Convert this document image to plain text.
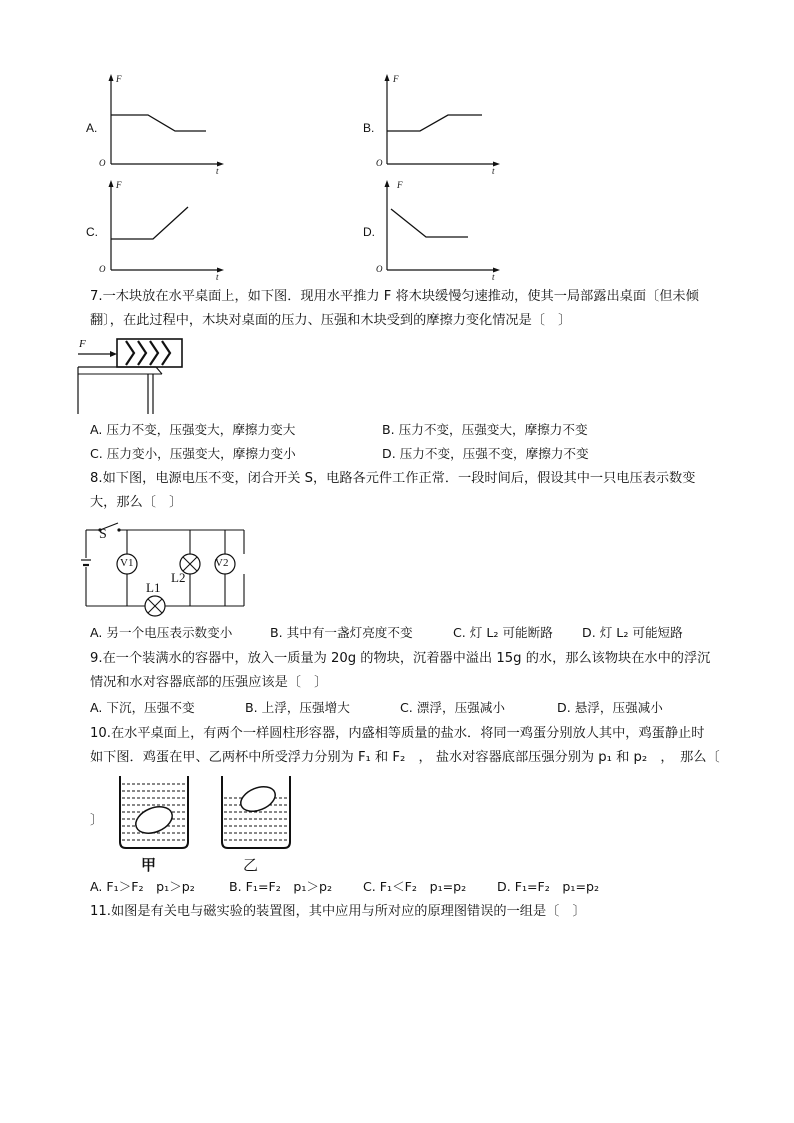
A.
F
O
t
B.
F
O
t
C.
F
O
t
D.
F
O
t
7.一木块放在水平桌面上，如下图．现用水平推力 F 将木块缓慢匀速推动，使其一局部露出桌面〔但未倾
翻〕，在此过程中，木块对桌面的压力、压强和木块受到的摩擦力变化情况是〔　〕
F
A. 压力不变，压强变大，摩擦力变大	B. 压力不变，压强变大，摩擦力不变
C. 压力变小，压强变大，摩擦力变小	D. 压力不变，压强不变，摩擦力不变
8.如下图，电源电压不变，闭合开关 S，电路各元件工作正常．一段时间后，假设其中一只电压表示数变
大，那么〔　〕
S
V1	V2
L1
L2
A. 另一个电压表示数变小	B. 其中有一盏灯亮度不变	C. 灯 L₂ 可能断路 D. 灯 L₂ 可能短路
9.在一个装满水的容器中，放入一质量为 20g 的物块，沉着器中溢出 15g 的水，那么该物块在水中的浮沉
情况和水对容器底部的压强应该是〔　〕
A. 下沉，压强不变	B. 上浮，压强增大	C. 漂浮，压强减小	D. 悬浮，压强减小
10.在水平桌面上，有两个一样圆柱形容器，内盛相等质量的盐水．将同一鸡蛋分别放人其中，鸡蛋静止时
如下图．鸡蛋在甲、乙两杯中所受浮力分别为 F₁ 和 F₂　， 盐水对容器底部压强分别为 p₁ 和 p₂　，　那么〔
〕
甲	乙
A. F₁＞F₂　p₁＞p₂	B. F₁=F₂　p₁＞p₂ C. F₁＜F₂　p₁=p₂ D. F₁=F₂　p₁=p₂
11.如图是有关电与磁实验的装置图，其中应用与所对应的原理图错误的一组是〔　〕
